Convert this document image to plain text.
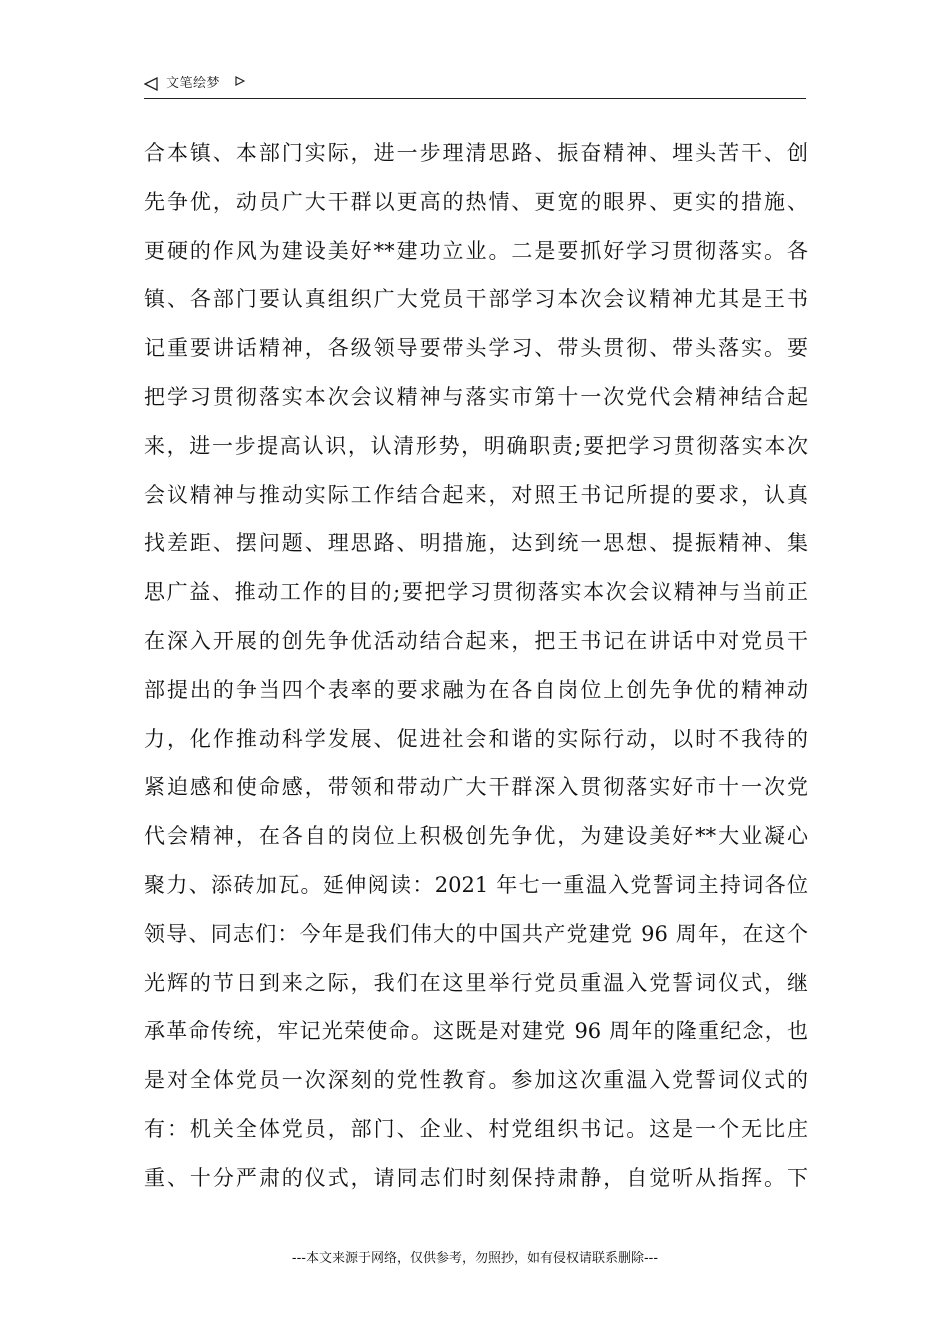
文笔绘梦
合本镇、本部门实际，进一步理清思路、振奋精神、埋头苦干、创
先争优，动员广大干群以更高的热情、更宽的眼界、更实的措施、
更硬的作风为建设美好**建功立业。二是要抓好学习贯彻落实。各
镇、各部门要认真组织广大党员干部学习本次会议精神尤其是王书
记重要讲话精神，各级领导要带头学习、带头贯彻、带头落实。要
把学习贯彻落实本次会议精神与落实市第十一次党代会精神结合起
来，进一步提高认识，认清形势，明确职责;要把学习贯彻落实本次
会议精神与推动实际工作结合起来，对照王书记所提的要求，认真
找差距、摆问题、理思路、明措施，达到统一思想、提振精神、集
思广益、推动工作的目的;要把学习贯彻落实本次会议精神与当前正
在深入开展的创先争优活动结合起来，把王书记在讲话中对党员干
部提出的争当四个表率的要求融为在各自岗位上创先争优的精神动
力，化作推动科学发展、促进社会和谐的实际行动，以时不我待的
紧迫感和使命感，带领和带动广大干群深入贯彻落实好市十一次党
代会精神，在各自的岗位上积极创先争优，为建设美好**大业凝心
聚力、添砖加瓦。延伸阅读：2021 年七一重温入党誓词主持词各位
领导、同志们：今年是我们伟大的中国共产党建党 96 周年，在这个
光辉的节日到来之际，我们在这里举行党员重温入党誓词仪式，继
承革命传统，牢记光荣使命。这既是对建党 96 周年的隆重纪念，也
是对全体党员一次深刻的党性教育。参加这次重温入党誓词仪式的
有：机关全体党员，部门、企业、村党组织书记。这是一个无比庄
重、十分严肃的仪式，请同志们时刻保持肃静，自觉听从指挥。下
---本文来源于网络，仅供参考，勿照抄，如有侵权请联系删除---
